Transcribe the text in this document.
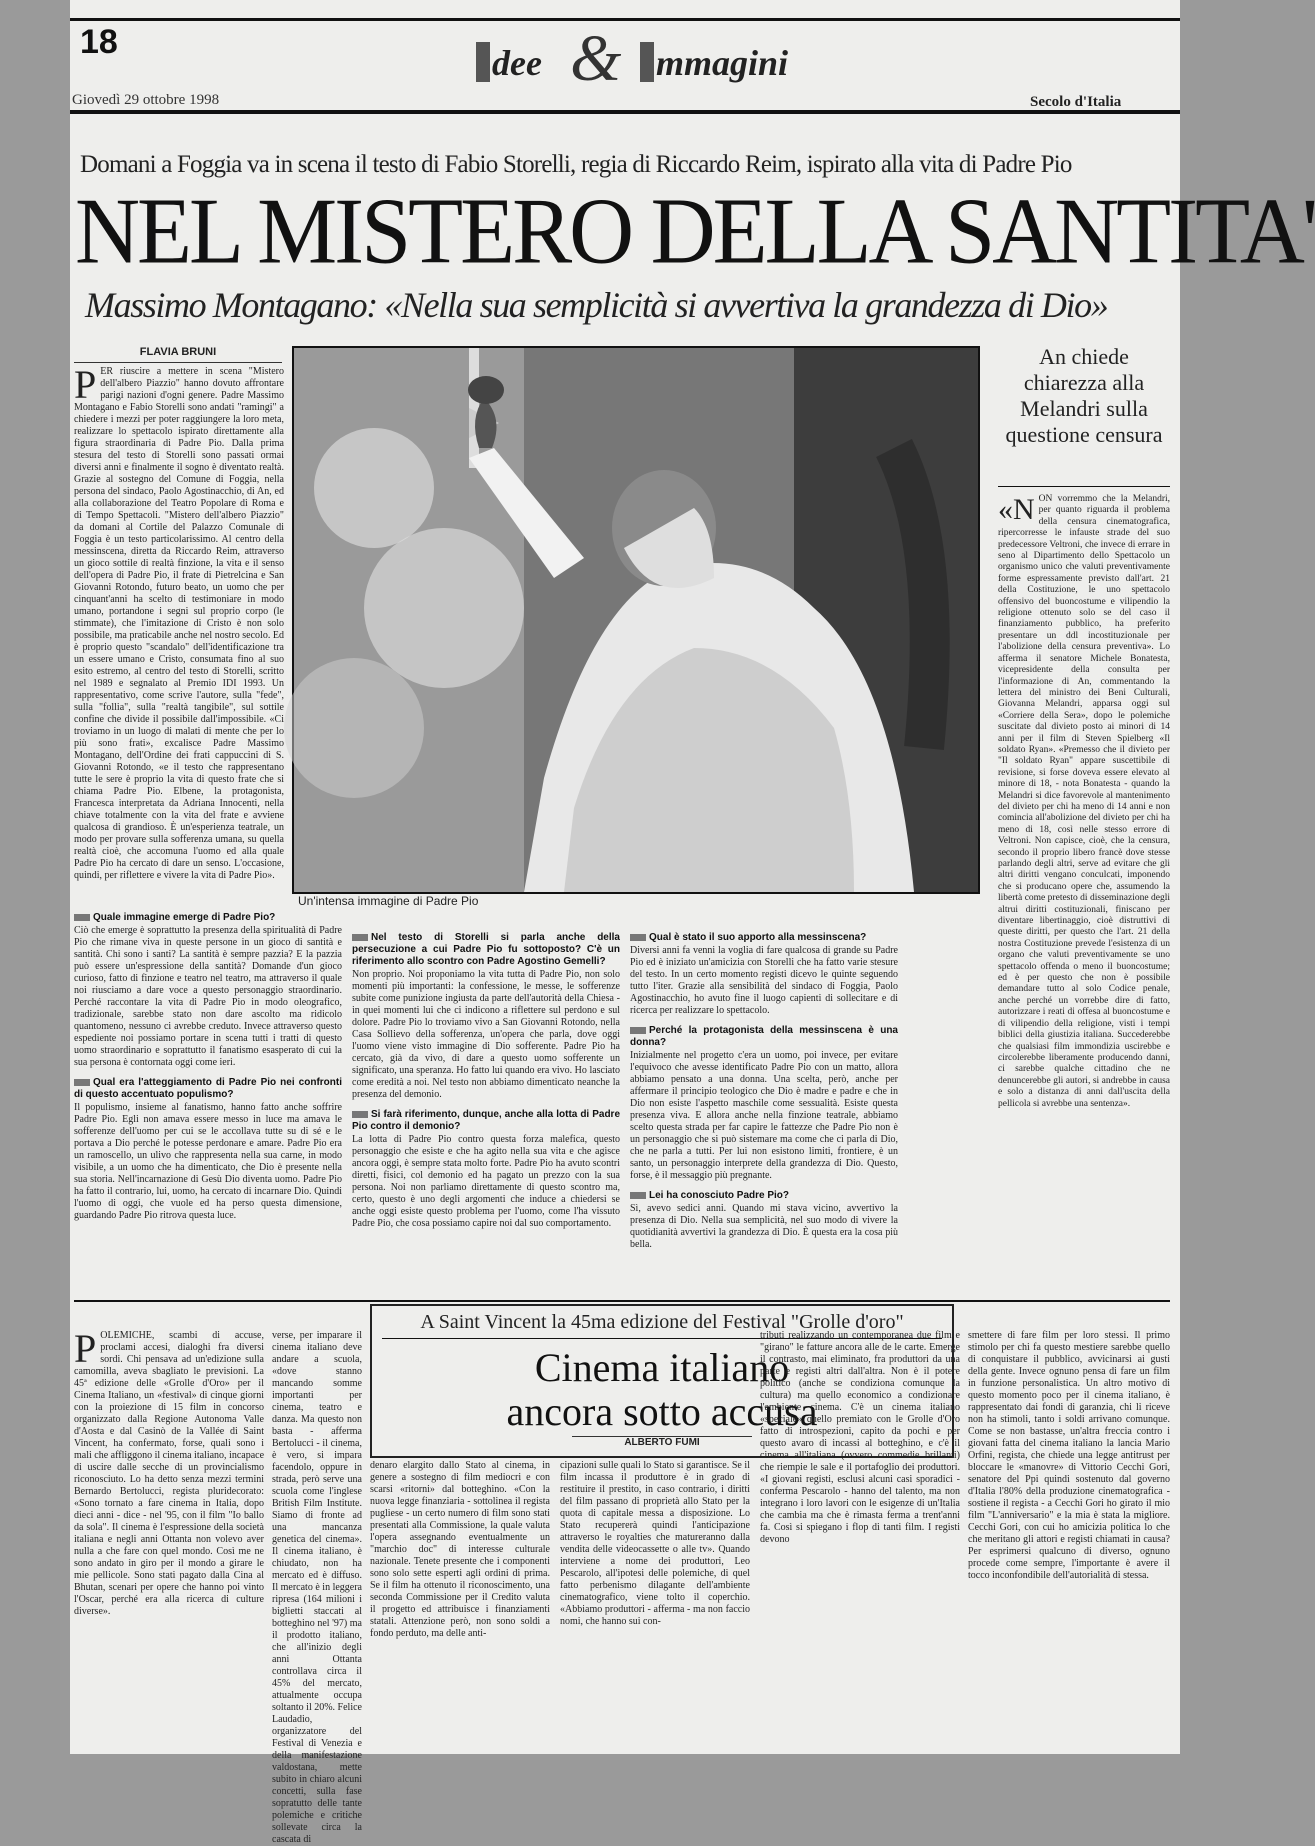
18
dee & mmagini
Giovedì 29 ottobre 1998	Secolo d'Italia
Domani a Foggia va in scena il testo di Fabio Storelli, regia di Riccardo Reim, ispirato alla vita di Padre Pio
NEL MISTERO DELLA SANTITA'
Massimo Montagano: «Nella sua semplicità si avvertiva la grandezza di Dio»
FLAVIA BRUNI
Un'intensa immagine di Padre Pio
P ER riuscire a mettere in scena "Mistero dell'albero Piazzio" hanno dovuto affrontare parigi nazioni d'ogni genere. Padre Massimo Montagano e Fabio Storelli sono andati "ramingi" a chiedere i mezzi per poter raggiungere la loro meta, realizzare lo spettacolo ispirato direttamente alla figura straordinaria di Padre Pio. Dalla prima stesura del testo di Storelli sono passati ormai diversi anni e finalmente il sogno è diventato realtà. Grazie al sostegno del Comune di Foggia, nella persona del sindaco, Paolo Agostinacchio, di An, ed alla collaborazione del Teatro Popolare di Roma e di Tempo Spettacoli. "Mistero dell'albero Piazzio" da domani al Cortile del Palazzo Comunale di Foggia è un testo particolarissimo. Al centro della messinscena, diretta da Riccardo Reim, attraverso un gioco sottile di realtà finzione, la vita e il senso dell'opera di Padre Pio, il frate di Pietrelcina e San Giovanni Rotondo, futuro beato, un uomo che per cinquant'anni ha scelto di testimoniare in modo umano, portandone i segni sul proprio corpo (le stimmate), che l'imitazione di Cristo è non solo possibile, ma praticabile anche nel nostro secolo. Ed è proprio questo "scandalo" dell'identificazione tra un essere umano e Cristo, consumata fino al suo esito estremo, al centro del testo di Storelli, scritto nel 1989 e segnalato al Premio IDI 1993. Un rappresentativo, come scrive l'autore, sulla "fede", sulla "follia", sulla "realtà tangibile", sul sottile confine che divide il possibile dall'impossibile. «Ci troviamo in un luogo di malati di mente che per lo più sono frati», excalisce Padre Massimo Montagano, dell'Ordine dei frati cappuccini di S. Giovanni Rotondo, «e il testo che rappresentano tutte le sere è proprio la vita di questo frate che si chiama Padre Pio. Elbene, la protagonista, Francesca interpretata da Adriana Innocenti, nella chiave totalmente con la vita del frate e avviene qualcosa di grandioso. È un'esperienza teatrale, un modo per provare sulla sofferenza umana, su quella realtà cioè, che accomuna l'uomo ed alla quale Padre Pio ha cercato di dare un senso. L'occasione, quindi, per riflettere e vivere la vita di Padre Pio».
Quale immagine emerge di Padre Pio?

Ciò che emerge è soprattutto la presenza della spiritualità di Padre Pio che rimane viva in queste persone in un gioco di santità e santità. Chi sono i santi? La santità è sempre pazzia? E la pazzia può essere un'espressione della santità? Domande d'un gioco curioso, fatto di finzione e teatro nel teatro, ma attraverso il quale noi riusciamo a dare voce a questo personaggio straordinario. Perché raccontare la vita di Padre Pio in modo oleografico, tradizionale, sarebbe stato non dare ascolto ma ridicolo quantomeno, nessuno ci avrebbe creduto. Invece attraverso questo espediente noi possiamo portare in scena tutti i tratti di questo uomo straordinario e soprattutto il fanatismo esasperato di cui la sua persona è contornata oggi come ieri.

Qual era l'atteggiamento di Padre Pio nei confronti di questo accentuato populismo?

Il populismo, insieme al fanatismo, hanno fatto anche soffrire Padre Pio. Egli non amava essere messo in luce ma amava le sofferenze dell'uomo per cui se le accollava tutte su di sé e le portava a Dio perché le potesse perdonare e amare. Padre Pio era un ramoscello, un ulivo che rappresenta nella sua carne, in modo visibile, a un uomo che ha dimenticato, che Dio è presente nella sua storia. Nell'incarnazione di Gesù Dio diventa uomo. Padre Pio ha fatto il contrario, lui, uomo, ha cercato di incarnare Dio. Quindi l'uomo di oggi, che vuole ed ha perso questa dimensione, guardando Padre Pio ritrova questa luce.

Nel testo di Storelli si parla anche della persecuzione a cui Padre Pio fu sottoposto? C'è un riferimento allo scontro con Padre Agostino Gemelli?

Non proprio. Noi proponiamo la vita tutta di Padre Pio, non solo momenti più importanti: la confessione, le messe, le sofferenze subite come punizione ingiusta da parte dell'autorità della Chiesa - in quei momenti lui che ci indicono a riflettere sul perdono e sul dolore. Padre Pio lo troviamo vivo a San Giovanni Rotondo, nella Casa Sollievo della sofferenza, un'opera che parla, dove oggi l'uomo viene visto immagine di Dio sofferente. Padre Pio ha cercato, già da vivo, di dare a questo uomo sofferente un significato, una speranza. Ho fatto lui quando era vivo. Ho lasciato come eredità a noi. Nel testo non abbiamo dimenticato neanche la presenza del demonio.

Si farà riferimento, dunque, anche alla lotta di Padre Pio contro il demonio?

La lotta di Padre Pio contro questa forza malefica, questo personaggio che esiste e che ha agito nella sua vita e che agisce ancora oggi, è sempre stata molto forte. Padre Pio ha avuto scontri diretti, fisici, col demonio ed ha pagato un prezzo con la sua persona. Noi non parliamo direttamente di questo scontro ma, certo, questo è uno degli argomenti che induce a chiedersi se anche oggi esiste questo problema per l'uomo, come l'ha vissuto Padre Pio, che cosa possiamo capire noi dal suo comportamento.

Qual è stato il suo apporto alla messinscena?

Diversi anni fa venni la voglia di fare qualcosa di grande su Padre Pio ed è iniziato un'amicizia con Storelli che ha fatto varie stesure del testo. In un certo momento registi dicevo le quinte seguendo tutto l'iter. Grazie alla sensibilità del sindaco di Foggia, Paolo Agostinacchio, ho avuto fine il luogo capienti di sollecitare e di ricerca per realizzare lo spettacolo.

Perché la protagonista della messinscena è una donna?

Inizialmente nel progetto c'era un uomo, poi invece, per evitare l'equivoco che avesse identificato Padre Pio con un matto, allora abbiamo pensato a una donna. Una scelta, però, anche per affermare il principio teologico che Dio è madre e padre e che in Dio non esiste l'aspetto maschile come sessualità. Esiste questa presenza viva. E allora anche nella finzione teatrale, abbiamo scelto questa strada per far capire le fattezze che Padre Pio non è un personaggio che si può sistemare ma come che ci parla di Dio, che ne parla a tutti. Per lui non esistono limiti, frontiere, è un santo, un personaggio interprete della grandezza di Dio. Questo, forse, è il messaggio più pregnante.

Lei ha conosciuto Padre Pio?

Sì, avevo sedici anni. Quando mi stava vicino, avvertivo la presenza di Dio. Nella sua semplicità, nel suo modo di vivere la quotidianità avvertivi la grandezza di Dio. È questa era la cosa più bella.

An chiede chiarezza alla Melandri sulla questione censura
«N ON vorremmo che la Melandri, per quanto riguarda il problema della censura cinematografica, ripercorresse le infauste strade del suo predecessore Veltroni, che invece di errare in seno al Dipartimento dello Spettacolo un organismo unico che valuti preventivamente forme espressamente previsto dall'art. 21 della Costituzione, le uno spettacolo offensivo del buoncostume e vilipendio la religione ottenuto solo se del caso il finanziamento pubblico, ha preferito presentare un ddl incostituzionale per l'abolizione della censura preventiva». Lo afferma il senatore Michele Bonatesta, vicepresidente della consulta per l'informazione di An, commentando la lettera del ministro dei Beni Culturali, Giovanna Melandri, apparsa oggi sul «Corriere della Sera», dopo le polemiche suscitate dal divieto posto ai minori di 14 anni per il film di Steven Spielberg «Il soldato Ryan». «Premesso che il divieto per "Il soldato Ryan" appare suscettibile di revisione, si forse doveva essere elevato al minore di 18, - nota Bonatesta - quando la Melandri si dice favorevole al mantenimento del divieto per chi ha meno di 14 anni e non comincia all'abolizione del divieto per chi ha meno di 18, così nelle stesso errore di Veltroni. Non capisce, cioè, che la censura, secondo il proprio libero francè dove stesse parlando degli altri, serve ad evitare che gli altri diritti vengano conculcati, imponendo che si producano opere che, assumendo la libertà come pretesto di disseminazione degli altrui diritti costituzionali, finiscano per diventare libertinaggio, cioè distruttivi di queste diritti, per questo che l'art. 21 della nostra Costituzione prevede l'esistenza di un organo che valuti preventivamente se uno spettacolo offenda o meno il buoncostume; ed è per questo che non è possibile demandare tutto al solo Codice penale, anche perché un vorrebbe dire di fatto, autorizzare i reati di offesa al buoncostume e di vilipendio della religione, visti i tempi biblici della giustizia italiana. Succederebbe che qualsiasi film immondizia uscirebbe e circolerebbe liberamente producendo danni, ci sarebbe qualche cittadino che ne denuncerebbe gli autori, si andrebbe in causa e solo a distanza di anni dall'uscita della pellicola si avrebbe una sentenza».
A Saint Vincent la 45ma edizione del Festival "Grolle d'oro"
Cinema italiano
ancora sotto accusa
ALBERTO FUMI
P OLEMICHE, scambi di accuse, proclami accesi, dialoghi fra diversi sordi. Chi pensava ad un'edizione sulla camomilla, aveva sbagliato le previsioni. La 45ª edizione delle «Grolle d'Oro» per il Cinema Italiano, un «festival» di cinque giorni con la proiezione di 15 film in concorso organizzato dalla Regione Autonoma Valle d'Aosta e dal Casinò de la Vallée di Saint Vincent, ha confermato, forse, quali sono i mali che affliggono il cinema italiano, incapace di uscire dalle secche di un provincialismo riconosciuto. Lo ha detto senza mezzi termini Bernardo Bertolucci, regista pluridecorato: «Sono tornato a fare cinema in Italia, dopo dieci anni - dice - nel '95, con il film "Io ballo da sola". Il cinema è l'espressione della società italiana e negli anni Ottanta non volevo aver nulla a che fare con quel mondo. Così me ne sono andato in giro per il mondo a girare le mie pellicole. Sono stati pagato dalla Cina al Bhutan, scenari per opere che hanno poi vinto l'Oscar, perché era alla ricerca di culture diverse».
verse, per imparare il cinema italiano deve andare a scuola, «dove stanno mancando somme importanti per cinema, teatro e danza. Ma questo non basta - afferma Bertolucci - il cinema, è vero, si impara facendolo, oppure in strada, però serve una scuola come l'inglese British Film Institute. Siamo di fronte ad una mancanza genetica del cinema». Il cinema italiano, è chiudato, non ha mercato ed è diffuso. Il mercato è in leggera ripresa (164 milioni i biglietti staccati al botteghino nel '97) ma il prodotto italiano, che all'inizio degli anni Ottanta controllava circa il 45% del mercato, attualmente occupa soltanto il 20%. Felice Laudadio, organizzatore del Festival di Venezia e della manifestazione valdostana, mette subito in chiaro alcuni concetti, sulla fase sopratutto delle tante polemiche e critiche sollevate circa la cascata di
denaro elargito dallo Stato al cinema, in genere a sostegno di film mediocri e con scarsi «ritorni» dal botteghino. «Con la nuova legge finanziaria - sottolinea il regista pugliese - un certo numero di film sono stati presentati alla Commissione, la quale valuta l'opera assegnando eventualmente un "marchio doc" di interesse culturale nazionale. Tenete presente che i componenti sono solo sette esperti agli ordini di prima. Se il film ha ottenuto il riconoscimento, una seconda Commissione per il Credito valuta il progetto ed attribuisce i finanziamenti statali. Attenzione però, non sono soldi a fondo perduto, ma delle anti-
cipazioni sulle quali lo Stato si garantisce. Se il film incassa il produttore è in grado di restituire il prestito, in caso contrario, i diritti del film passano di proprietà allo Stato per la quota di capitale messa a disposizione. Lo Stato recupererà quindi l'anticipazione attraverso le royalties che matureranno dalla vendita delle videocassette o alle tv». Quando interviene a nome dei produttori, Leo Pescarolo, all'ipotesi delle polemiche, di quel fatto perbenismo dilagante dell'ambiente cinematografico, viene tolto il coperchio. «Abbiamo produttori - afferma - ma non faccio nomi, che hanno sui con-
tributi realizzando un contemporanea due film e "girano" le fatture ancora alle de le carte. Emerge il contrasto, mai eliminato, fra produttori da una parte e registi altri dall'altra. Non è il potere politico (anche se condiziona comunque la cultura) ma quello economico a condizionare l'ambiente cinema. C'è un cinema italiano «speciale» quello premiato con le Grolle d'Oro fatto di introspezioni, capito da pochi e per questo avaro di incassi al botteghino, e c'è il cinema all'italiana (ovvero commedie brillanti) che riempie le sale e il portafoglio dei produttori. «I giovani registi, esclusi alcuni casi sporadici - conferma Pescarolo - hanno del talento, ma non integrano i loro lavori con le esigenze di un'Italia che cambia ma che è rimasta ferma a trent'anni fa. Così si spiegano i flop di tanti film. I registi devono
smettere di fare film per loro stessi. Il primo stimolo per chi fa questo mestiere sarebbe quello di conquistare il pubblico, avvicinarsi ai gusti della gente. Invece ognuno pensa di fare un film in funzione personalistica. Un altro motivo di questo momento poco per il cinema italiano, è rappresentato dai fondi di garanzia, chi li riceve non ha stimoli, tanto i soldi arrivano comunque. Come se non bastasse, un'altra freccia contro i giovani fatta del cinema italiano la lancia Mario Orfini, regista, che chiede una legge antitrust per bloccare le «manovre» di Vittorio Cecchi Gori, senatore del Ppi quindi sostenuto dal governo d'Italia l'80% della produzione cinematografica - sostiene il regista - a Cecchi Gori ho girato il mio film "L'anniversario" e la mia è stata la migliore. Cecchi Gori, con cui ho amicizia politica lo che che meritano gli attori e registi chiamati in causa? Per esprimersi qualcuno di diverso, ognuno procede come sempre, l'importante è avere il tocco inconfondibile dell'autorialità di stessa.
